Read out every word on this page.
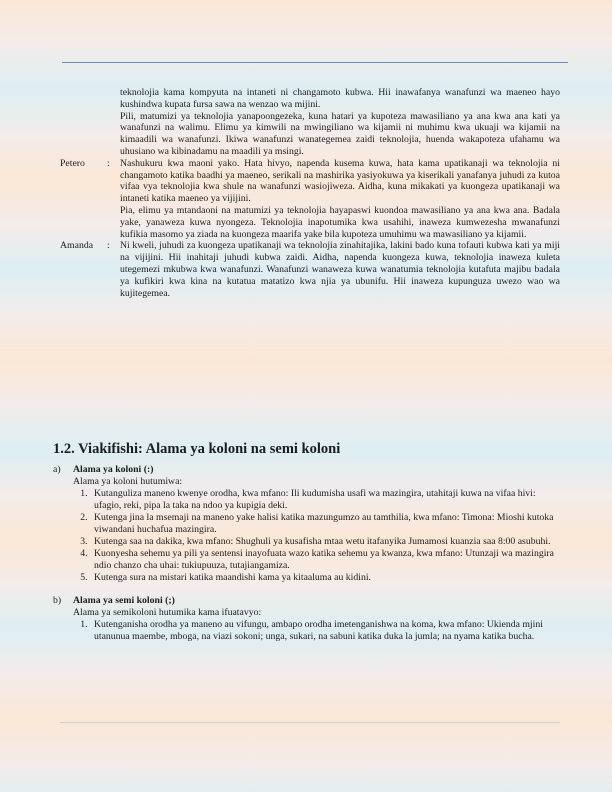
teknolojia kama kompyuta na intaneti ni changamoto kubwa. Hii inawafanya wanafunzi wa maeneo hayo kushindwa kupata fursa sawa na wenzao wa mijini.

Pili, matumizi ya teknolojia yanapoongezeka, kuna hatari ya kupoteza mawasiliano ya ana kwa ana kati ya wanafunzi na walimu. Elimu ya kimwili na mwingiliano wa kijamii ni muhimu kwa ukuaji wa kijamii na kimaadili wa wanafunzi. Ikiwa wanafunzi wanategemea zaidi teknolojia, huenda wakapoteza ufahamu wa uhusiano wa kibinadamu na maadili ya msingi.

Petero	:	Nashukuru kwa maoni yako. Hata hivyo, napenda kusema kuwa, hata kama upatikanaji wa teknolojia ni changamoto katika baadhi ya maeneo, serikali na mashirika yasiyokuwa ya kiserikali yanafanya juhudi za kutoa vifaa vya teknolojia kwa shule na wanafunzi wasiojiweza. Aidha, kuna mikakati ya kuongeza upatikanaji wa intaneti katika maeneo ya vijijini.

Pia, elimu ya mtandaoni na matumizi ya teknolojia hayapaswi kuondoa mawasiliano ya ana kwa ana. Badala yake, yanaweza kuwa nyongeza. Teknolojia inapotumika kwa usahihi, inaweza kumwezesha mwanafunzi kufikia masomo ya ziada na kuongeza maarifa yake bila kupoteza umuhimu wa mawasiliano ya kijamii.

Amanda	:	Ni kweli, juhudi za kuongeza upatikanaji wa teknolojia zinahitajika, lakini bado kuna tofauti kubwa kati ya miji na vijijini. Hii inahitaji juhudi kubwa zaidi. Aidha, napenda kuongeza kuwa, teknolojia inaweza kuleta utegemezi mkubwa kwa wanafunzi. Wanafunzi wanaweza kuwa wanatumia teknolojia kutafuta majibu badala ya kufikiri kwa kina na kutatua matatizo kwa njia ya ubunifu. Hii inaweza kupunguza uwezo wao wa kujitegemea.

1.2. Viakifishi: Alama ya koloni na semi koloni
a)	Alama ya koloni (:)
Alama ya koloni hutumiwa:
1. Kutanguliza maneno kwenye orodha, kwa mfano: Ili kudumisha usafi wa mazingira, utahitaji kuwa na vifaa hivi: ufagio, reki, pipa la taka na ndoo ya kupigia deki.
2. Kutenga jina la msemaji na maneno yake halisi katika mazungumzo au tamthilia, kwa mfano: Timona: Mioshi kutoka viwandani huchafua mazingira.
3. Kutenga saa na dakika, kwa mfano: Shughuli ya kusafisha mtaa wetu itafanyika Jumamosi kuanzia saa 8:00 asubuhi.
4. Kuonyesha sehemu ya pili ya sentensi inayofuata wazo katika sehemu ya kwanza, kwa mfano: Utunzaji wa mazingira ndio chanzo cha uhai: tukiupuuza, tutajiangamiza.
5. Kutenga sura na mistari katika maandishi kama ya kitaaluma au kidini.
b)	Alama ya semi koloni (;)
Alama ya semikoloni hutumika kama ifuatavyo:
1. Kutenganisha orodha ya maneno au vifungu, ambapo orodha imetenganishwa na koma, kwa mfano: Ukienda mjini utanunua maembe, mboga, na viazi sokoni; unga, sukari, na sabuni katika duka la jumla; na nyama katika bucha.
